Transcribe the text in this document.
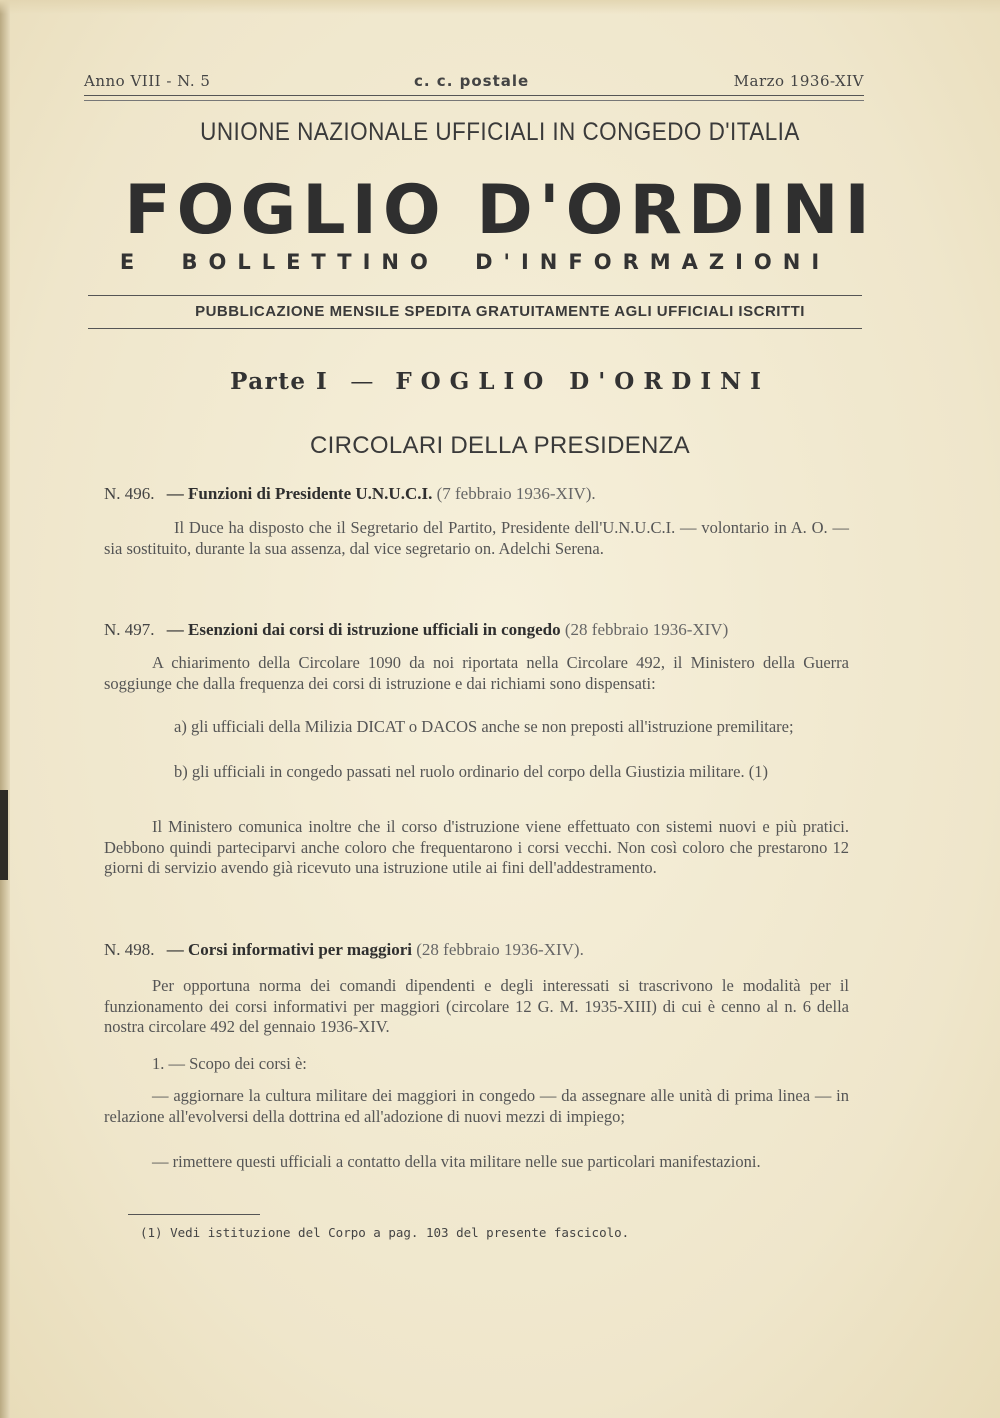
Anno VIII - N. 5	c. c. postale	Marzo 1936-XIV
UNIONE NAZIONALE UFFICIALI IN CONGEDO D'ITALIA
FOGLIO D'ORDINI
E BOLLETTINO D'INFORMAZIONI
PUBBLICAZIONE MENSILE SPEDITA GRATUITAMENTE AGLI UFFICIALI ISCRITTI
Parte I — FOGLIO D'ORDINI
CIRCOLARI DELLA PRESIDENZA
N. 496. — Funzioni di Presidente U.N.U.C.I. (7 febbraio 1936-XIV).
Il Duce ha disposto che il Segretario del Partito, Presidente dell'U.N.U.C.I. — volontario in A. O. — sia sostituito, durante la sua assenza, dal vice segretario on. Adelchi Serena.
N. 497. — Esenzioni dai corsi di istruzione ufficiali in congedo (28 febbraio 1936-XIV)
A chiarimento della Circolare 1090 da noi riportata nella Circolare 492, il Ministero della Guerra soggiunge che dalla frequenza dei corsi di istruzione e dai richiami sono dispensati:
a) gli ufficiali della Milizia DICAT o DACOS anche se non preposti all'istruzione premilitare;
b) gli ufficiali in congedo passati nel ruolo ordinario del corpo della Giustizia militare. (1)
Il Ministero comunica inoltre che il corso d'istruzione viene effettuato con sistemi nuovi e più pratici. Debbono quindi parteciparvi anche coloro che frequentarono i corsi vecchi. Non così coloro che prestarono 12 giorni di servizio avendo già ricevuto una istruzione utile ai fini dell'addestramento.
N. 498. — Corsi informativi per maggiori (28 febbraio 1936-XIV).
Per opportuna norma dei comandi dipendenti e degli interessati si trascrivono le modalità per il funzionamento dei corsi informativi per maggiori (circolare 12 G. M. 1935-XIII) di cui è cenno al n. 6 della nostra circolare 492 del gennaio 1936-XIV.
1. — Scopo dei corsi è:
— aggiornare la cultura militare dei maggiori in congedo — da assegnare alle unità di prima linea — in relazione all'evolversi della dottrina ed all'adozione di nuovi mezzi di impiego;
— rimettere questi ufficiali a contatto della vita militare nelle sue particolari manifestazioni.
(1) Vedi istituzione del Corpo a pag. 103 del presente fascicolo.
